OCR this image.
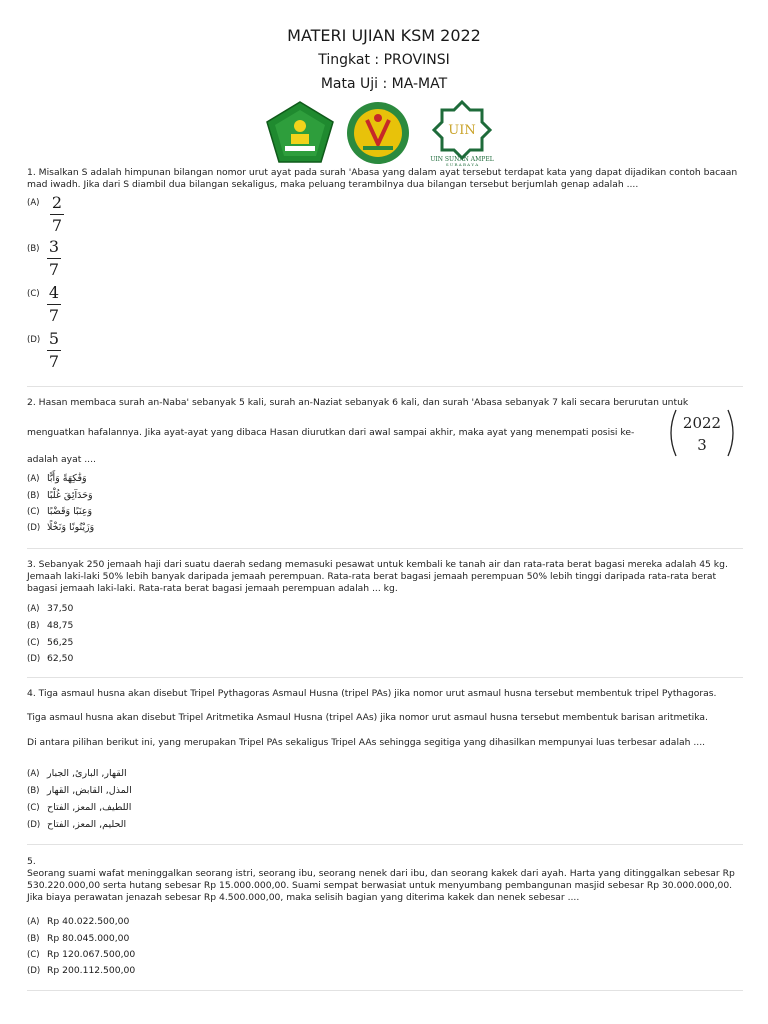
MATERI UJIAN KSM 2022
Tingkat : PROVINSI
Mata Uji : MA-MAT
UIN
UIN SUNAN AMPEL
S U R A B A Y A
1. Misalkan S adalah himpunan bilangan nomor urut ayat pada surah 'Abasa yang dalam ayat tersebut terdapat kata yang dapat dijadikan contoh bacaan mad iwadh. Jika dari S diambil dua bilangan sekaligus, maka peluang terambilnya dua bilangan tersebut berjumlah genap adalah ....
(A) 2
7
(B) 3
7
(C) 4
7
(D) 5
7
2. Hasan membaca surah an-Naba' sebanyak 5 kali, surah an-Naziat sebanyak 6 kali, dan surah 'Abasa sebanyak 7 kali secara berurutan untuk
menguatkan hafalannya. Jika ayat-ayat yang dibaca Hasan diurutkan dari awal sampai akhir, maka ayat yang menempati posisi ke-
2022
3
adalah ayat ....
(A) وَفَٰكِهَةً وَأَبًّا
(B) وَحَدَآئِقَ غُلْبًا
(C) وَعِنَبًا وَقَضْبًا
(D) وَزَيْتُونًا وَنَخْلًا
3. Sebanyak 250 jemaah haji dari suatu daerah sedang memasuki pesawat untuk kembali ke tanah air dan rata-rata berat bagasi mereka adalah 45 kg. Jemaah laki-laki 50% lebih banyak daripada jemaah perempuan. Rata-rata berat bagasi jemaah perempuan 50% lebih tinggi daripada rata-rata berat bagasi jemaah laki-laki. Rata-rata berat bagasi jemaah perempuan adalah ... kg.
(A) 37,50
(B) 48,75
(C) 56,25
(D) 62,50
4. Tiga asmaul husna akan disebut Tripel Pythagoras Asmaul Husna (tripel PAs) jika nomor urut asmaul husna tersebut membentuk tripel Pythagoras.
Tiga asmaul husna akan disebut Tripel Aritmetika Asmaul Husna (tripel AAs) jika nomor urut asmaul husna tersebut membentuk barisan aritmetika.
Di antara pilihan berikut ini, yang merupakan Tripel PAs sekaligus Tripel AAs sehingga segitiga yang dihasilkan mempunyai luas terbesar adalah ....
(A) القهار, البارئ, الجبار
(B) المذل, القابض, القهار
(C) اللطيف, المعز, الفتاح
(D) الحليم, المعز, الفتاح
5.
Seorang suami wafat meninggalkan seorang istri, seorang ibu, seorang nenek dari ibu, dan seorang kakek dari ayah. Harta yang ditinggalkan sebesar Rp 530.220.000,00 serta hutang sebesar Rp 15.000.000,00. Suami sempat berwasiat untuk menyumbang pembangunan masjid sebesar Rp 30.000.000,00. Jika biaya perawatan jenazah sebesar Rp 4.500.000,00, maka selisih bagian yang diterima kakek dan nenek sebesar ....
(A) Rp 40.022.500,00
(B) Rp 80.045.000,00
(C) Rp 120.067.500,00
(D) Rp 200.112.500,00
